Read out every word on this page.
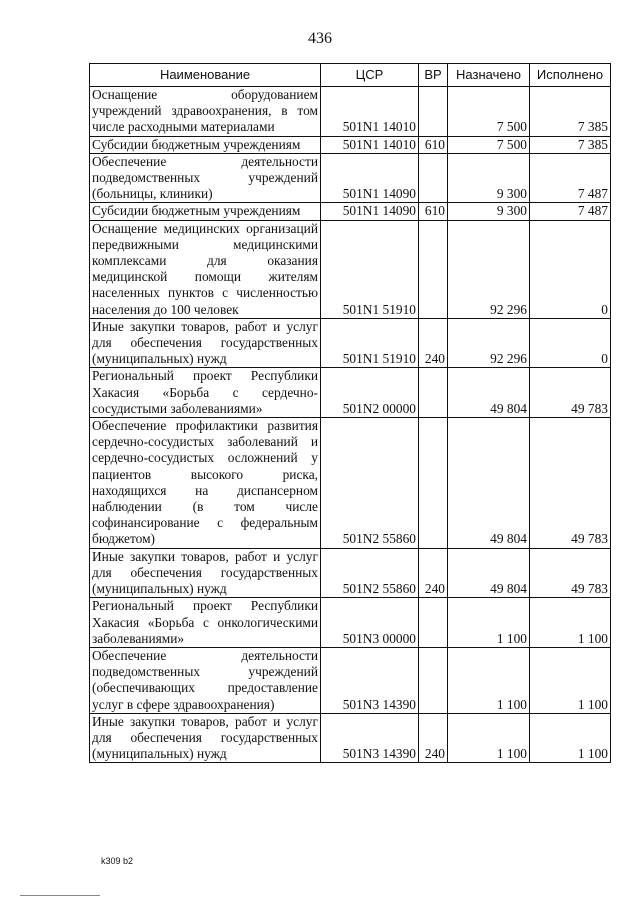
436
Наименование	ЦСР	ВР	Назначено	Исполнено
Оснащение оборудованием учреждений здравоохранения, в том числе расходными материалами	501N1 14010		7 500	7 385
Субсидии бюджетным учреждениям	501N1 14010	610	7 500	7 385
Обеспечение деятельности подведомственных учреждений (больницы, клиники)	501N1 14090		9 300	7 487
Субсидии бюджетным учреждениям	501N1 14090	610	9 300	7 487
Оснащение медицинских организаций передвижными медицинскими комплексами для оказания медицинской помощи жителям населенных пунктов с численностью населения до 100 человек	501N1 51910		92 296	0
Иные закупки товаров, работ и услуг для обеспечения государственных (муниципальных) нужд	501N1 51910	240	92 296	0
Региональный проект Республики Хакасия «Борьба с сердечно-сосудистыми заболеваниями»	501N2 00000		49 804	49 783
Обеспечение профилактики развития сердечно-сосудистых заболеваний и сердечно-сосудистых осложнений у пациентов высокого риска, находящихся на диспансерном наблюдении (в том числе софинансирование с федеральным бюджетом)	501N2 55860		49 804	49 783
Иные закупки товаров, работ и услуг для обеспечения государственных (муниципальных) нужд	501N2 55860	240	49 804	49 783
Региональный проект Республики Хакасия «Борьба с онкологическими заболеваниями»	501N3 00000		1 100	1 100
Обеспечение деятельности подведомственных учреждений (обеспечивающих предоставление услуг в сфере здравоохранения)	501N3 14390		1 100	1 100
Иные закупки товаров, работ и услуг для обеспечения государственных (муниципальных) нужд	501N3 14390	240	1 100	1 100
k309 b2
